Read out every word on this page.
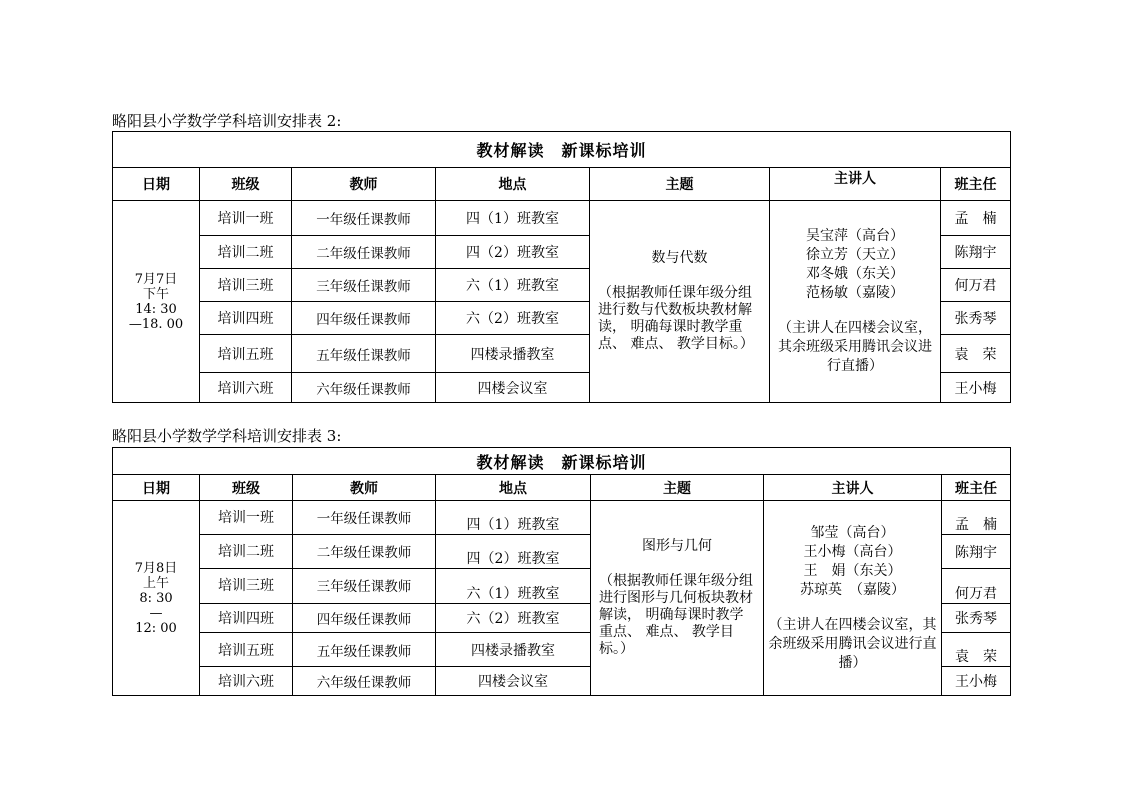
略阳县小学数学学科培训安排表 2:
教材解读　新课标培训						
日期	班级	教师	地点	主题	主讲人	班主任

7月7日
下午
14: 30
—18. 00	培训一班	一年级任课教师	四（1）班教室	数与代数
（根据教师任课年级分组进行数与代数板块教材解读， 明确每课时教学重点、 难点、 教学目标。）	吴宝萍（高台）
徐立芳（天立）
邓冬娥（东关）
范杨敏（嘉陵）
（主讲人在四楼会议室，其余班级采用腾讯会议进行直播）	孟　楠
	培训二班	二年级任课教师	四（2）班教室			陈翔宇
	培训三班	三年级任课教师	六（1）班教室			何万君
	培训四班	四年级任课教师	六（2）班教室			张秀琴
	培训五班	五年级任课教师	四楼录播教室			袁　荣
	培训六班	六年级任课教师	四楼会议室			王小梅
略阳县小学数学学科培训安排表 3:
教材解读　新课标培训						
日期	班级	教师	地点	主题	主讲人	班主任

7月8日
上午
8: 30
—
12: 00	培训一班	一年级任课教师	四（1）班教室	图形与几何
（根据教师任课年级分组进行图形与几何板块教材解读， 明确每课时教学重点、 难点、 教学目标。）	邹莹（高台）
王小梅（高台）
王　娟（东关）
苏琼英　（嘉陵）
（主讲人在四楼会议室，其余班级采用腾讯会议进行直播）	孟　楠
	培训二班	二年级任课教师	四（2）班教室			陈翔宇
	培训三班	三年级任课教师	六（1）班教室			何万君
	培训四班	四年级任课教师	六（2）班教室			张秀琴
	培训五班	五年级任课教师	四楼录播教室			袁　荣
	培训六班	六年级任课教师	四楼会议室			王小梅
